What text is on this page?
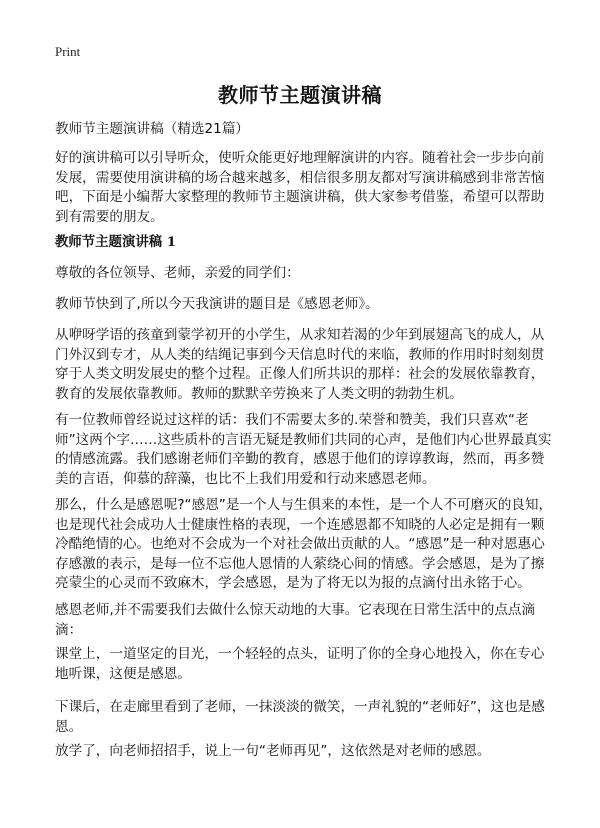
Print
教师节主题演讲稿

教师节主题演讲稿（精选21篇）

好的演讲稿可以引导听众，使听众能更好地理解演讲的内容。随着社会一步步向前发展，需要使用演讲稿的场合越来越多，相信很多朋友都对写演讲稿感到非常苦恼吧，下面是小编帮大家整理的教师节主题演讲稿，供大家参考借鉴，希望可以帮助到有需要的朋友。

教师节主题演讲稿 1

尊敬的各位领导、老师，亲爱的同学们：

教师节快到了,所以今天我演讲的题目是《感恩老师》。

从咿呀学语的孩童到蒙学初开的小学生，从求知若渴的少年到展翅高飞的成人，从门外汉到专才，从人类的结绳记事到今天信息时代的来临，教师的作用时时刻刻贯穿于人类文明发展史的整个过程。正像人们所共识的那样：社会的发展依靠教育，教育的发展依靠教师。教师的默默辛劳换来了人类文明的勃勃生机。

有一位教师曾经说过这样的话：我们不需要太多的.荣誉和赞美，我们只喜欢“老师”这两个字……这些质朴的言语无疑是教师们共同的心声，是他们内心世界最真实的情感流露。我们感谢老师们辛勤的教育，感恩于他们的谆谆教诲，然而，再多赞美的言语，仰慕的辞藻，也比不上我们用爱和行动来感恩老师。

那么，什么是感恩呢?“感恩”是一个人与生俱来的本性，是一个人不可磨灭的良知，也是现代社会成功人士健康性格的表现，一个连感恩都不知晓的人必定是拥有一颗冷酷绝情的心。也绝对不会成为一个对社会做出贡献的人。“感恩”是一种对恩惠心存感激的表示，是每一位不忘他人恩情的人萦绕心间的情感。学会感恩，是为了擦亮蒙尘的心灵而不致麻木，学会感恩，是为了将无以为报的点滴付出永铭于心。

感恩老师,并不需要我们去做什么惊天动地的大事。它表现在日常生活中的点点滴滴：

课堂上，一道坚定的目光，一个轻轻的点头，证明了你的全身心地投入，你在专心地听课，这便是感恩。

下课后，在走廊里看到了老师，一抹淡淡的微笑，一声礼貌的“老师好”，这也是感恩。

放学了，向老师招招手，说上一句“老师再见”，这依然是对老师的感恩。
